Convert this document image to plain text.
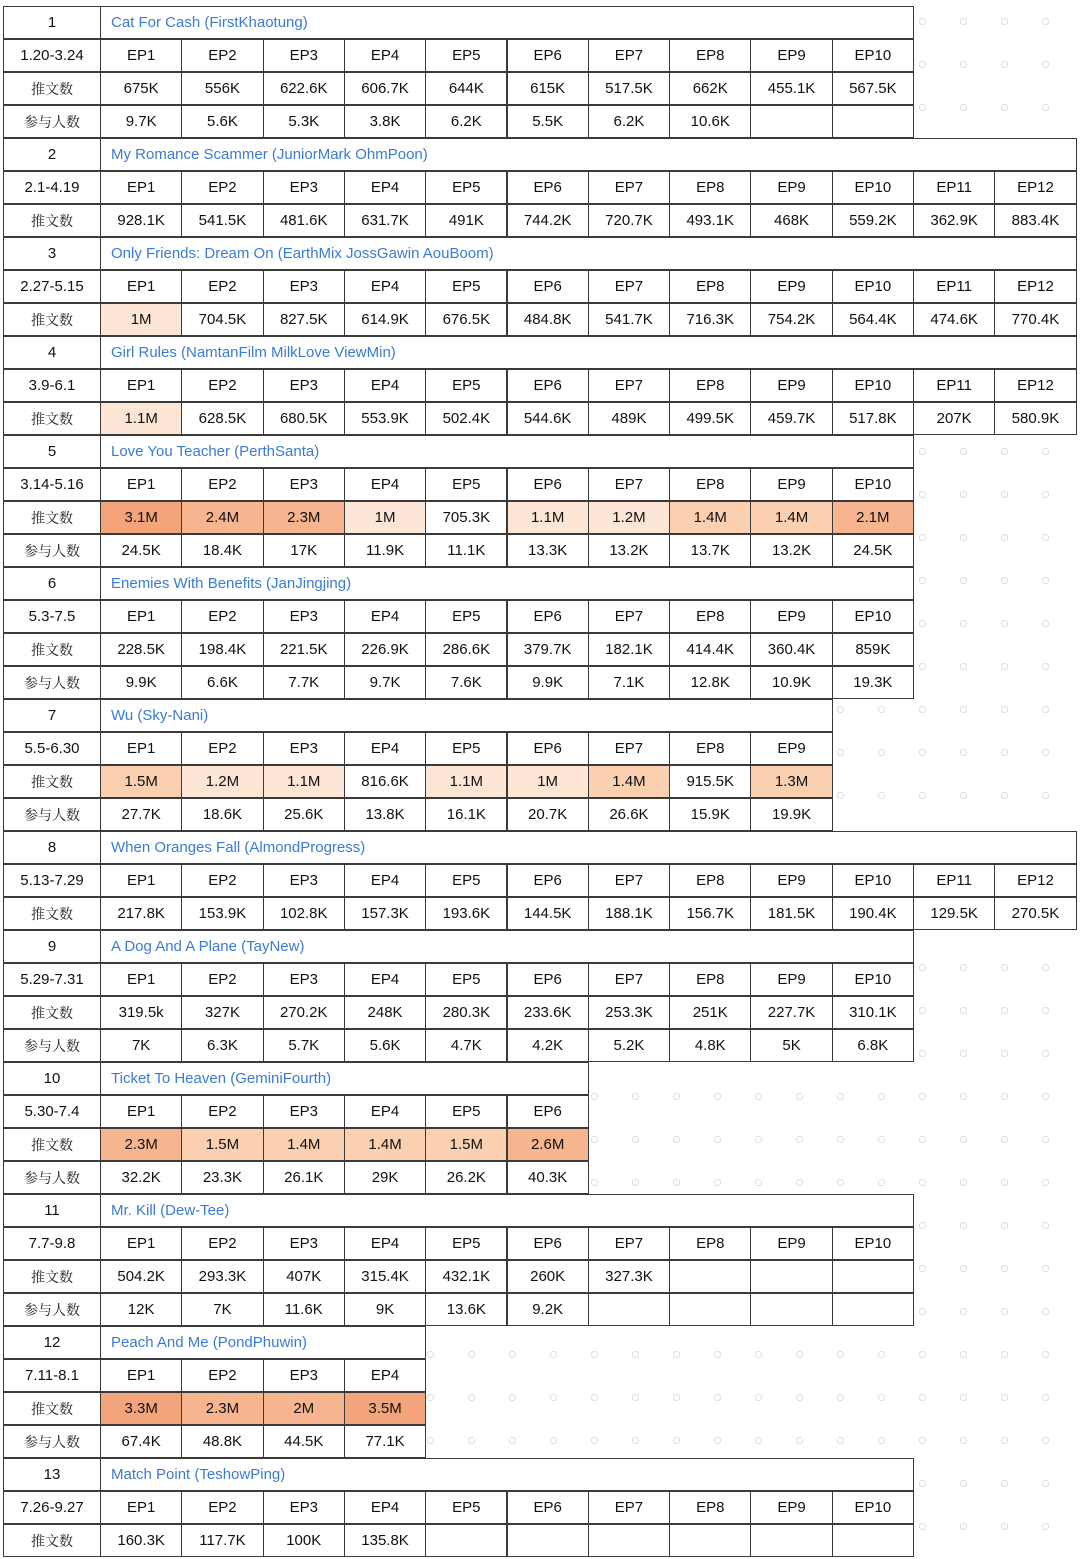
1	Cat For Cash (FirstKhaotung)
1.20-3.24	EP1	EP2	EP3	EP4	EP5	EP6	EP7	EP8	EP9	EP10
推文数	675K	556K	622.6K	606.7K	644K	615K	517.5K	662K	455.1K	567.5K
参与人数	9.7K	5.6K	5.3K	3.8K	6.2K	5.5K	6.2K	10.6K
2	My Romance Scammer (JuniorMark OhmPoon)
2.1-4.19	EP1	EP2	EP3	EP4	EP5	EP6	EP7	EP8	EP9	EP10	EP11	EP12
推文数	928.1K	541.5K	481.6K	631.7K	491K	744.2K	720.7K	493.1K	468K	559.2K	362.9K	883.4K
3	Only Friends: Dream On (EarthMix JossGawin AouBoom)
2.27-5.15	EP1	EP2	EP3	EP4	EP5	EP6	EP7	EP8	EP9	EP10	EP11	EP12
推文数	1M	704.5K	827.5K	614.9K	676.5K	484.8K	541.7K	716.3K	754.2K	564.4K	474.6K	770.4K
4	Girl Rules (NamtanFilm MilkLove ViewMin)
3.9-6.1	EP1	EP2	EP3	EP4	EP5	EP6	EP7	EP8	EP9	EP10	EP11	EP12
推文数	1.1M	628.5K	680.5K	553.9K	502.4K	544.6K	489K	499.5K	459.7K	517.8K	207K	580.9K
5	Love You Teacher (PerthSanta)
3.14-5.16	EP1	EP2	EP3	EP4	EP5	EP6	EP7	EP8	EP9	EP10
推文数	3.1M	2.4M	2.3M	1M	705.3K	1.1M	1.2M	1.4M	1.4M	2.1M
参与人数	24.5K	18.4K	17K	11.9K	11.1K	13.3K	13.2K	13.7K	13.2K	24.5K
6	Enemies With Benefits (JanJingjing)
5.3-7.5	EP1	EP2	EP3	EP4	EP5	EP6	EP7	EP8	EP9	EP10
推文数	228.5K	198.4K	221.5K	226.9K	286.6K	379.7K	182.1K	414.4K	360.4K	859K
参与人数	9.9K	6.6K	7.7K	9.7K	7.6K	9.9K	7.1K	12.8K	10.9K	19.3K
7	Wu (Sky-Nani)
5.5-6.30	EP1	EP2	EP3	EP4	EP5	EP6	EP7	EP8	EP9
推文数	1.5M	1.2M	1.1M	816.6K	1.1M	1M	1.4M	915.5K	1.3M
参与人数	27.7K	18.6K	25.6K	13.8K	16.1K	20.7K	26.6K	15.9K	19.9K
8	When Oranges Fall (AlmondProgress)
5.13-7.29	EP1	EP2	EP3	EP4	EP5	EP6	EP7	EP8	EP9	EP10	EP11	EP12
推文数	217.8K	153.9K	102.8K	157.3K	193.6K	144.5K	188.1K	156.7K	181.5K	190.4K	129.5K	270.5K
9	A Dog And A Plane (TayNew)
5.29-7.31	EP1	EP2	EP3	EP4	EP5	EP6	EP7	EP8	EP9	EP10
推文数	319.5k	327K	270.2K	248K	280.3K	233.6K	253.3K	251K	227.7K	310.1K
参与人数	7K	6.3K	5.7K	5.6K	4.7K	4.2K	5.2K	4.8K	5K	6.8K
10	Ticket To Heaven (GeminiFourth)
5.30-7.4	EP1	EP2	EP3	EP4	EP5	EP6
推文数	2.3M	1.5M	1.4M	1.4M	1.5M	2.6M
参与人数	32.2K	23.3K	26.1K	29K	26.2K	40.3K
11	Mr. Kill (Dew-Tee)
7.7-9.8	EP1	EP2	EP3	EP4	EP5	EP6	EP7	EP8	EP9	EP10
推文数	504.2K	293.3K	407K	315.4K	432.1K	260K	327.3K
参与人数	12K	7K	11.6K	9K	13.6K	9.2K
12	Peach And Me (PondPhuwin)
7.11-8.1	EP1	EP2	EP3	EP4
推文数	3.3M	2.3M	2M	3.5M
参与人数	67.4K	48.8K	44.5K	77.1K
13	Match Point (TeshowPing)
7.26-9.27	EP1	EP2	EP3	EP4	EP5	EP6	EP7	EP8	EP9	EP10
推文数	160.3K	117.7K	100K	135.8K
